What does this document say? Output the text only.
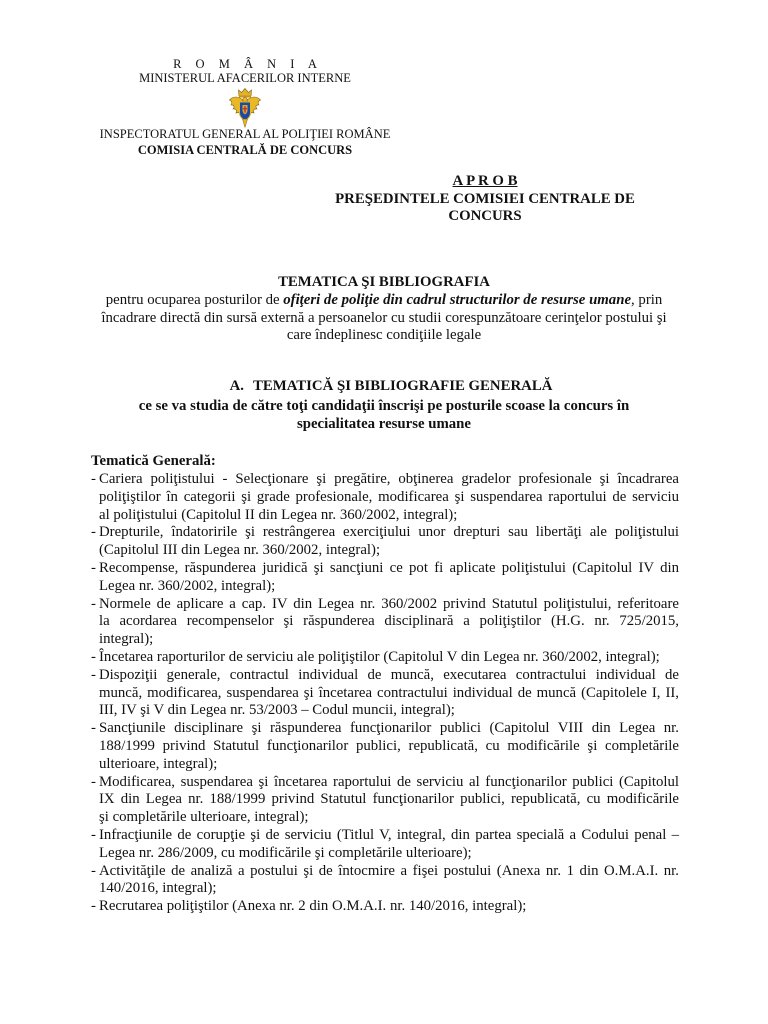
R O M Â N I A
MINISTERUL AFACERILOR INTERNE
INSPECTORATUL GENERAL AL POLIŢIEI ROMÂNE
COMISIA CENTRALĂ DE CONCURS
A P R O B
PREŞEDINTELE COMISIEI CENTRALE DE
CONCURS
TEMATICA ŞI BIBLIOGRAFIA
pentru ocuparea posturilor de ofiţeri de poliţie din cadrul structurilor de resurse umane, prin
încadrare directă din sursă externă a persoanelor cu studii corespunzătoare cerinţelor postului şi
care îndeplinesc condiţiile legale
A. TEMATICĂ ŞI BIBLIOGRAFIE GENERALĂ
ce se va studia de către toţi candidaţii înscrişi pe posturile scoase la concurs în
specialitatea resurse umane
Tematică Generală:
- Cariera poliţistului - Selecţionare şi pregătire, obţinerea gradelor profesionale şi încadrarea
poliţiştilor în categorii şi grade profesionale, modificarea şi suspendarea raportului de serviciu
al poliţistului (Capitolul II din Legea nr. 360/2002, integral);
- Drepturile, îndatoririle şi restrângerea exerciţiului unor drepturi sau libertăţi ale poliţistului
(Capitolul III din Legea nr. 360/2002, integral);
- Recompense, răspunderea juridică şi sancţiuni ce pot fi aplicate poliţistului (Capitolul IV din
Legea nr. 360/2002, integral);
- Normele de aplicare a cap. IV din Legea nr. 360/2002 privind Statutul poliţistului, referitoare
la acordarea recompenselor şi răspunderea disciplinară a poliţiştilor (H.G. nr. 725/2015,
integral);
- Încetarea raporturilor de serviciu ale poliţiştilor (Capitolul V din Legea nr. 360/2002, integral);
- Dispoziţii generale, contractul individual de muncă, executarea contractului individual de
muncă, modificarea, suspendarea şi încetarea contractului individual de muncă (Capitolele I, II,
III, IV şi V din Legea nr. 53/2003 – Codul muncii, integral);
- Sancţiunile disciplinare şi răspunderea funcţionarilor publici (Capitolul VIII din Legea nr.
188/1999 privind Statutul funcţionarilor publici, republicată, cu modificările şi completările
ulterioare, integral);
- Modificarea, suspendarea şi încetarea raportului de serviciu al funcţionarilor publici (Capitolul
IX din Legea nr. 188/1999 privind Statutul funcţionarilor publici, republicată, cu modificările
şi completările ulterioare, integral);
- Infracţiunile de corupţie şi de serviciu (Titlul V, integral, din partea specială a Codului penal –
Legea nr. 286/2009, cu modificările şi completările ulterioare);
- Activităţile de analiză a postului şi de întocmire a fişei postului (Anexa nr. 1 din O.M.A.I. nr.
140/2016, integral);
- Recrutarea poliţiştilor (Anexa nr. 2 din O.M.A.I. nr. 140/2016, integral);
